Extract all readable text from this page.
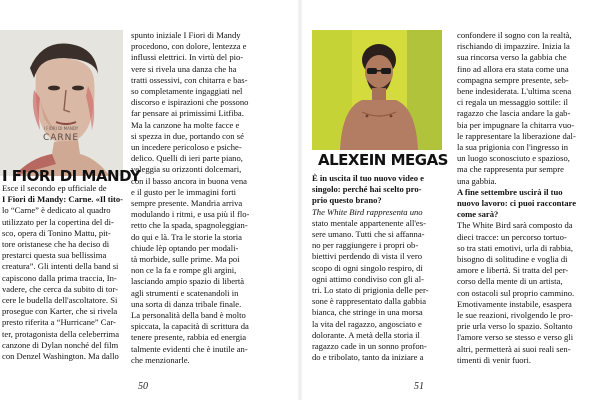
I FIORI DI MANDY
CARNE
I FIORI DI MANDY

Esce il secondo ep ufficiale de

I Fiori di Mandy: Carne. «Il tito-

lo “Carne” è dedicato al quadro

utilizzato per la copertina del di-

sco, opera di Tonino Mattu, pit-

tore oristanese che ha deciso di

prestarci questa sua bellissima

creatura”. Gli intenti della band si

capiscono dalla prima traccia, In-

vadere, che cerca da subito di tor-

cere le budella dell'ascoltatore. Si

prosegue con Karter, che si rivela

presto riferita a “Hurricane” Car-

ter, protagonista della celeberrima

canzone di Dylan nonché del film

con Denzel Washington. Ma dallo

spunto iniziale I Fiori di Mandy

procedono, con dolore, lentezza e

influssi elettrici. In virtù del pio-

vere si rivela una danza che ha

tratti ossessivi, con chitarra e bas-

so completamente ingaggiati nel

discorso e ispirazioni che possono

far pensare ai primissimi Litfiba.

Ma la canzone ha molte facce e

si spezza in due, portando con sé

un incedere pericoloso e psiche-

delico. Quelli di ieri parte piano,

veleggia su orizzonti dolcemari,

con il basso ancora in buona vena

e il gusto per le immagini forti

sempre presente. Mandria arriva

modulando i ritmi, e usa più il flo-

retto che la spada, spagnoleggian-

do qui e là. Tra le storie la storia

chiude lèp optando per modali-

tà morbide, sulle prime. Ma poi

non ce la fa e rompe gli argini,

lasciando ampio spazio di libertà

agli strumenti e scatenandoli in

una sorta di danza tribale finale.

La personalità della band è molto

spiccata, la capacità di scrittura da

tenere presente, rabbia ed energia

talmente evidenti che è inutile an-

che menzionarle.

50
ALEXEIN MEGAS

È in uscita il tuo nuovo video e

singolo: perché hai scelto pro-

prio questo brano?

The White Bird rappresenta uno

stato mentale appartenente all'es-

sere umano. Tutti che si affanna-

no per raggiungere i propri ob-

biettivi perdendo di vista il vero

scopo di ogni singolo respiro, di

ogni attimo condiviso con gli al-

tri. Lo stato di prigionia delle per-

sone è rappresentato dalla gabbia

bianca, che stringe in una morsa

la vita del ragazzo, angosciato e

dolorante. A metà della storia il

ragazzo cade in un sonno profon-

do e tribolato, tanto da iniziare a

confondere il sogno con la realtà,

rischiando di impazzire. Inizia la

sua rincorsa verso la gabbia che

fino ad allora era stata come una

compagna sempre presente, seb-

bene indesiderata. L'ultima scena

ci regala un messaggio sottile: il

ragazzo che lascia andare la gab-

bia per impugnare la chitarra vuo-

le rappresentare la liberazione dal-

la sua prigionia con l'ingresso in

un luogo sconosciuto e spazioso,

ma che rappresenta pur sempre

una gabbia.

A fine settembre uscirà il tuo

nuovo lavoro: ci puoi raccontare

come sarà?

The White Bird sarà composto da

dieci tracce: un percorso tortuo-

so tra stati emotivi, urla di rabbia,

bisogno di solitudine e voglia di

amore e libertà. Si tratta del per-

corso della mente di un artista,

con ostacoli sul proprio cammino.

Emotivamente instabile, esaspera

le sue reazioni, rivolgendo le pro-

prie urla verso lo spazio. Soltanto

l'amore verso se stesso e verso gli

altri, permetterà ai suoi reali sen-

timenti di venir fuori.

51
